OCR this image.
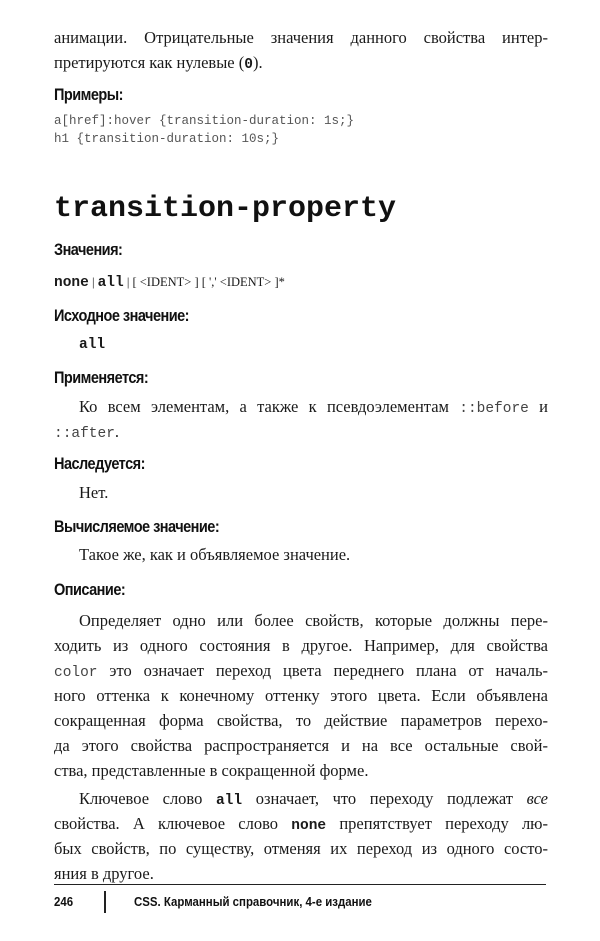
анимации. Отрицательные значения данного свойства интер-
претируются как нулевые (0).
Примеры:
a[href]:hover {transition-duration: 1s;}
h1 {transition-duration: 10s;}
transition-property
Значения:
none | all | [ <IDENT> ] [ ',' <IDENT> ]*
Исходное значение:
all
Применяется:
Ко всем элементам, а также к псевдоэлементам ::before и
::after.
Наследуется:
Нет.
Вычисляемое значение:
Такое же, как и объявляемое значение.
Описание:
Определяет одно или более свойств, которые должны пере-
ходить из одного состояния в другое. Например, для свойства
color это означает переход цвета переднего плана от началь-
ного оттенка к конечному оттенку этого цвета. Если объявлена
сокращенная форма свойства, то действие параметров перехо-
да этого свойства распространяется и на все остальные свой-
ства, представленные в сокращенной форме.
Ключевое слово all означает, что переходу подлежат все
свойства. А ключевое слово none препятствует переходу лю-
бых свойств, по существу, отменяя их переход из одного состо-
яния в другое.
246	CSS. Карманный справочник, 4-е издание
